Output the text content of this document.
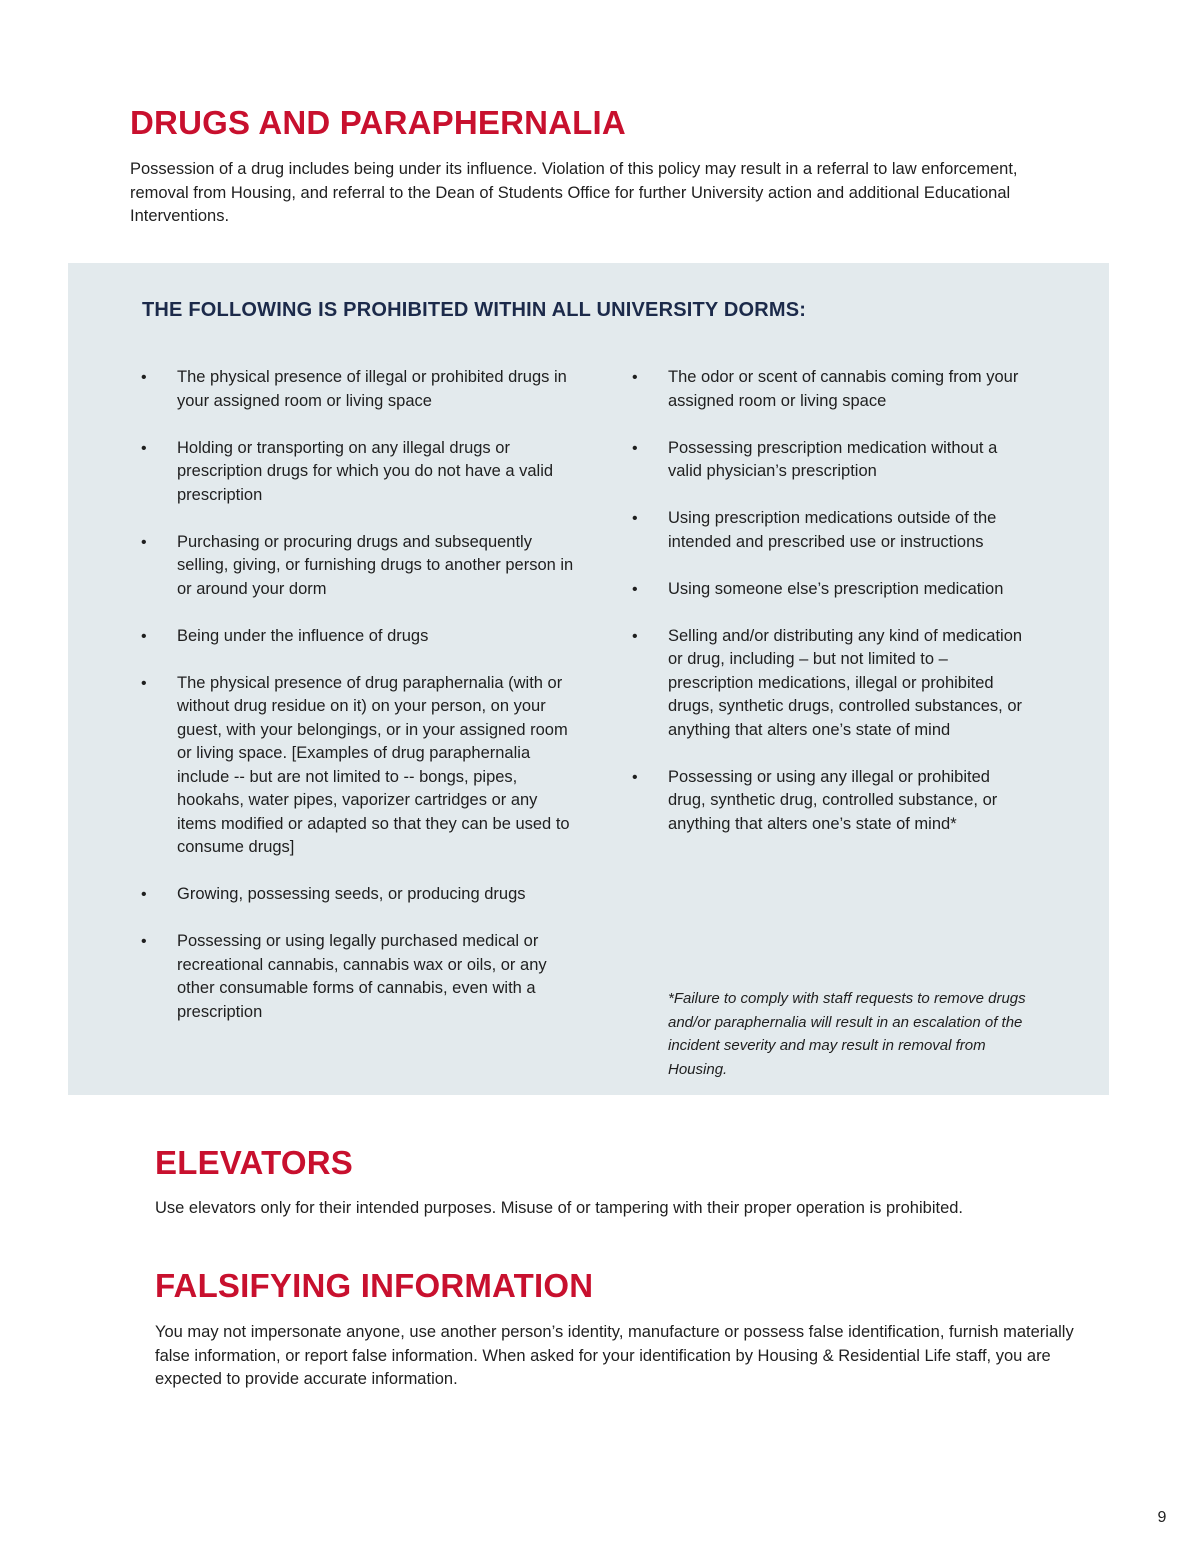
DRUGS AND PARAPHERNALIA

Possession of a drug includes being under its influence. Violation of this policy may result in a referral to law enforcement, removal from Housing, and referral to the Dean of Students Office for further University action and additional Educational Interventions.

THE FOLLOWING IS PROHIBITED WITHIN ALL UNIVERSITY DORMS:
•	The physical presence of illegal or prohibited drugs in your assigned room or living space
•	Holding or transporting on any illegal drugs or prescription drugs for which you do not have a valid prescription
•	Purchasing or procuring drugs and subsequently selling, giving, or furnishing drugs to another person in or around your dorm
•	Being under the influence of drugs
•	The physical presence of drug paraphernalia (with or without drug residue on it) on your person, on your guest, with your belongings, or in your assigned room or living space. [Examples of drug paraphernalia include -- but are not limited to -- bongs, pipes, hookahs, water pipes, vaporizer cartridges or any items modified or adapted so that they can be used to consume drugs]
•	Growing, possessing seeds, or producing drugs
•	Possessing or using legally purchased medical or recreational cannabis, cannabis wax or oils, or any other consumable forms of cannabis, even with a prescription
•	The odor or scent of cannabis coming from your assigned room or living space
•	Possessing prescription medication without a valid physician’s prescription
•	Using prescription medications outside of the intended and prescribed use or instructions
•	Using someone else’s prescription medication
•	Selling and/or distributing any kind of medication or drug, including – but not limited to – prescription medications, illegal or prohibited drugs, synthetic drugs, controlled substances, or anything that alters one’s state of mind
•	Possessing or using any illegal or prohibited drug, synthetic drug, controlled substance, or anything that alters one’s state of mind*

*Failure to comply with staff requests to remove drugs and/or paraphernalia will result in an escalation of the incident severity and may result in removal from Housing.

ELEVATORS

Use elevators only for their intended purposes. Misuse of or tampering with their proper operation is prohibited.

FALSIFYING INFORMATION

You may not impersonate anyone, use another person’s identity, manufacture or possess false identification, furnish materially false information, or report false information. When asked for your identification by Housing & Residential Life staff, you are expected to provide accurate information.

9
